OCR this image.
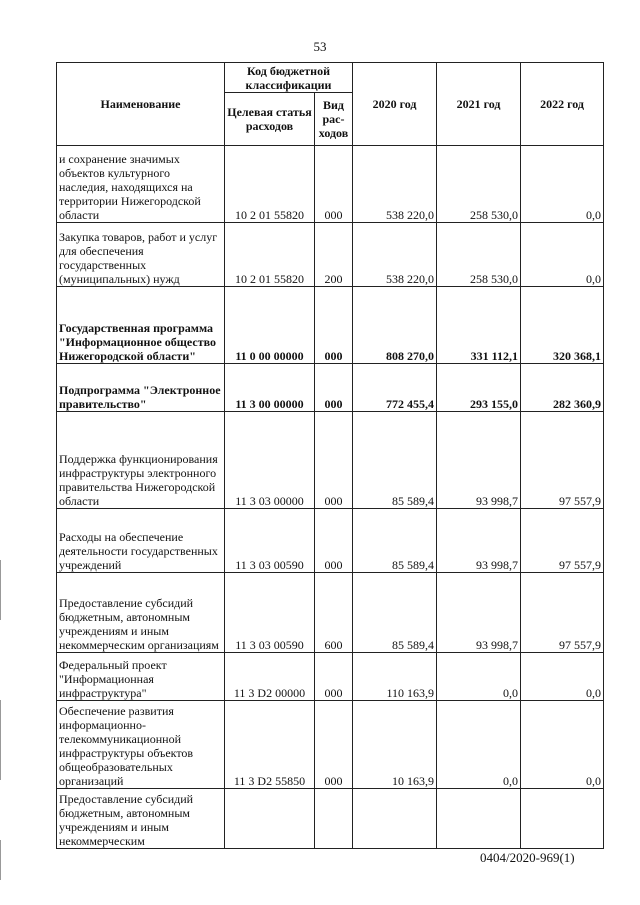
53
Наименование	Код бюджетной классификации		2020 год	2021 год	2022 год
	Целевая статья расходов	Вид рас-ходов			
и сохранение значимых объектов культурного наследия, находящихся на территории Нижегородской области	10 2 01 55820	000	538 220,0	258 530,0	0,0
Закупка товаров, работ и услуг для обеспечения государственных (муниципальных) нужд	10 2 01 55820	200	538 220,0	258 530,0	0,0
Государственная программа "Информационное общество Нижегородской области"	11 0 00 00000	000	808 270,0	331 112,1	320 368,1
Подпрограмма "Электронное правительство"	11 3 00 00000	000	772 455,4	293 155,0	282 360,9
Поддержка функционирования инфраструктуры электронного правительства Нижегородской области	11 3 03 00000	000	85 589,4	93 998,7	97 557,9
Расходы на обеспечение деятельности государственных учреждений	11 3 03 00590	000	85 589,4	93 998,7	97 557,9
Предоставление субсидий бюджетным, автономным учреждениям и иным некоммерческим организациям	11 3 03 00590	600	85 589,4	93 998,7	97 557,9
Федеральный проект "Информационная инфраструктура"	11 3 D2 00000	000	110 163,9	0,0	0,0
Обеспечение развития информационно-телекоммуникационной инфраструктуры объектов общеобразовательных организаций	11 3 D2 55850	000	10 163,9	0,0	0,0
Предоставление субсидий бюджетным, автономным учреждениям и иным некоммерческим					
0404/2020-969(1)
